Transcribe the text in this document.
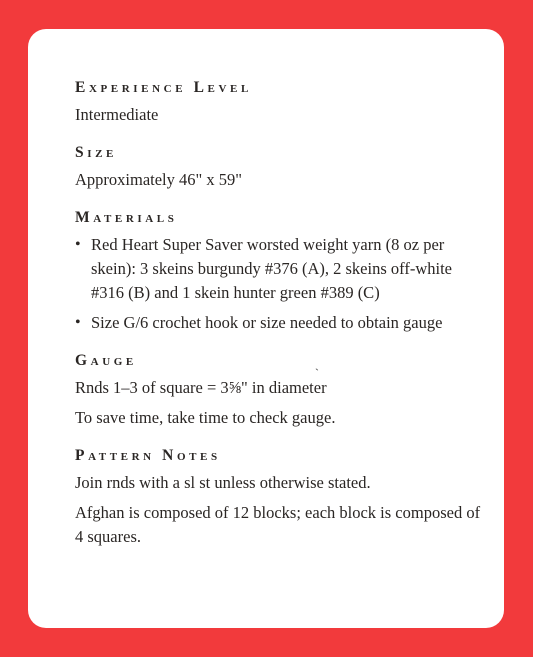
Experience Level

Intermediate

Size

Approximately 46" x 59"

Materials
• Red Heart Super Saver worsted weight yarn (8 oz per skein): 3 skeins burgundy #376 (A), 2 skeins off-white #316 (B) and 1 skein hunter green #389 (C)
• Size G/6 crochet hook or size needed to obtain gauge
Gauge

Rnds 1–3 of square = 3⅝" in diameter

To save time, take time to check gauge.

Pattern Notes

Join rnds with a sl st unless otherwise stated.

Afghan is composed of 12 blocks; each block is composed of 4 squares.

`
